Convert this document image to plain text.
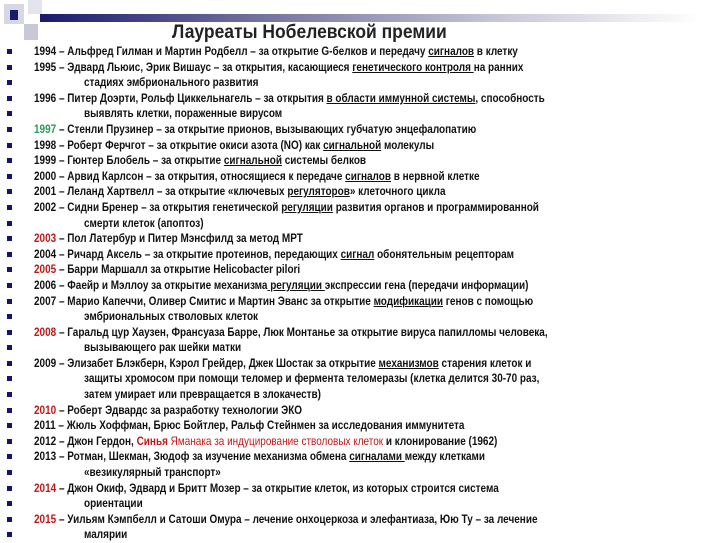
Лауреаты Нобелевской премии
1994 – Альфред Гилман и Мартин Родбелл – за открытие G-белков и передачу сигналов в клетку
1995 – Эдвард Льюис, Эрик Вишаус – за открытия, касающиеся генетического контроля на ранних
стадиях эмбрионального развития
1996 – Питер Доэрти, Рольф Циккельнагель – за открытия в области иммунной системы, способность
выявлять клетки, пораженные вирусом
1997 – Стенли Прузинер – за открытие прионов, вызывающих губчатую энцефалопатию
1998 – Роберт Ферчгот – за открытие окиси азота (NO) как сигнальной молекулы
1999 – Гюнтер Блобель – за открытие сигнальной системы белков
2000 – Арвид Карлсон – за открытия, относящиеся к передаче сигналов в нервной клетке
2001 – Леланд Хартвелл – за открытие «ключевых регуляторов» клеточного цикла
2002 – Сидни Бренер – за открытия генетической регуляции развития органов и программированной
смерти клеток (апоптоз)
2003 – Пол Латербур и Питер Мэнсфилд за метод МРТ
2004 – Ричард Аксель – за открытие протеинов, передающих сигнал обонятельным рецепторам
2005 – Барри Маршалл за открытие Helicobacter pilori
2006 – Фаейр и Мэллоу за открытие механизма регуляции экспрессии гена (передачи информации)
2007 – Марио Капеччи, Оливер Смитис и Мартин Эванс за открытие модификации генов с помощью
эмбриональных стволовых клеток
2008 – Гаральд цур Хаузен, Франсуаза Барре, Люк Монтанье за открытие вируса папилломы человека,
вызывающего рак шейки матки
2009 – Элизабет Блэкберн, Кэрол Грейдер, Джек Шостак за открытие механизмов старения клеток и
защиты хромосом при помощи теломер и фермента теломеразы (клетка делится 30-70 раз,
затем умирает или превращается в злокачеств)
2010 – Роберт Эдвардс за разработку технологии ЭКО
2011 – Жюль Хоффман, Брюс Бойтлер, Ральф Стейнмен за исследования иммунитета
2012 – Джон Гердон, Синья Яманака за индуцирование стволовых клеток и клонирование (1962)
2013 – Ротман, Шекман, Зюдоф за изучение механизма обмена сигналами между клетками
«везикулярный транспорт»
2014 – Джон Окиф, Эдвард и Бритт Мозер – за открытие клеток, из которых строится система
ориентации
2015 – Уильям Кэмпбелл и Сатоши Омура – лечение онхоцеркоза и элефантиаза, Юю Ту – за лечение
малярии
